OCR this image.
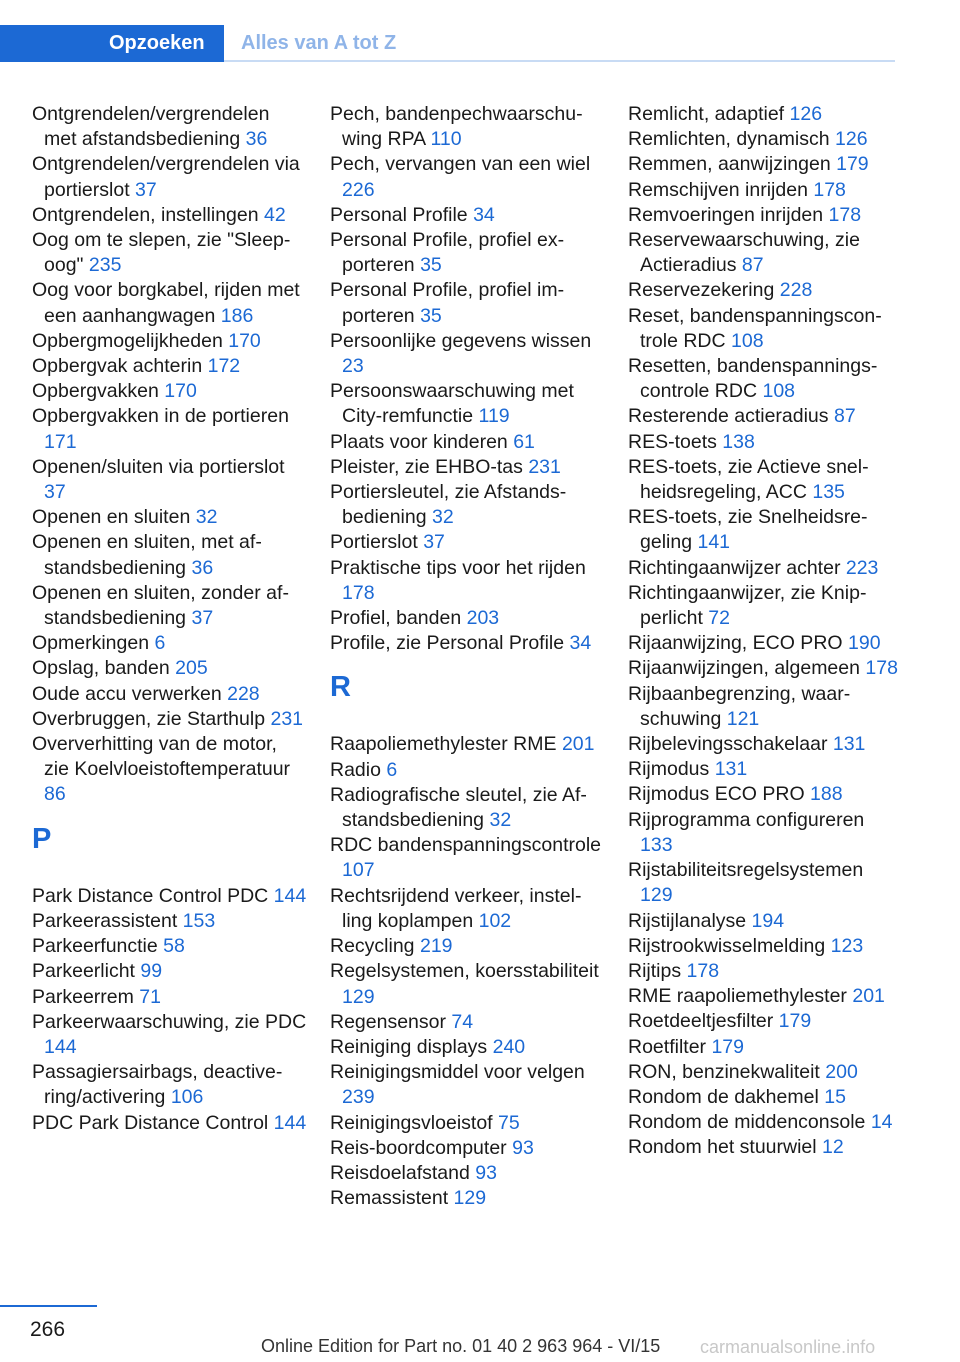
Opzoeken Alles van A tot Z
Ontgrendelen/vergrendelen met afstandsbediening 36
Ontgrendelen/vergrendelen via portierslot 37
Ontgrendelen, instellingen 42
Oog om te slepen, zie "Sleepoog" 235
Oog voor borgkabel, rijden met een aanhangwagen 186
Opbergmogelijkheden 170
Opbergvak achterin 172
Opbergvakken 170
Opbergvakken in de portieren 171
Openen/sluiten via portierslot 37
Openen en sluiten 32
Openen en sluiten, met afstandsbediening 36
Openen en sluiten, zonder afstandsbediening 37
Opmerkingen 6
Opslag, banden 205
Oude accu verwerken 228
Overbruggen, zie Starthulp 231
Oververhitting van de motor, zie Koelvloeistoftemperatuur 86
P
Park Distance Control PDC 144
Parkeerassistent 153
Parkeerfunctie 58
Parkeerlicht 99
Parkeerrem 71
Parkeerwaarschuwing, zie PDC 144
Passagiersairbags, deactivering/activering 106
PDC Park Distance Control 144
Pech, bandenpechwaarschuwing RPA 110
Pech, vervangen van een wiel 226
Personal Profile 34
Personal Profile, profiel exporteren 35
Personal Profile, profiel importeren 35
Persoonlijke gegevens wissen 23
Persoonswaarschuwing met City-remfunctie 119
Plaats voor kinderen 61
Pleister, zie EHBO-tas 231
Portiersleutel, zie Afstandsbediening 32
Portierslot 37
Praktische tips voor het rijden 178
Profiel, banden 203
Profile, zie Personal Profile 34
R
Raapoliemethylester RME 201
Radio 6
Radiografische sleutel, zie Afstandsbediening 32
RDC bandenspanningscontrole 107
Rechtsrijdend verkeer, instelling koplampen 102
Recycling 219
Regelsystemen, koersstabiliteit 129
Regensensor 74
Reiniging displays 240
Reinigingsmiddel voor velgen 239
Reinigingsvloeistof 75
Reis-boordcomputer 93
Reisdoelafstand 93
Remassistent 129
Remlicht, adaptief 126
Remlichten, dynamisch 126
Remmen, aanwijzingen 179
Remschijven inrijden 178
Remvoeringen inrijden 178
Reservewaarschuwing, zie Actieradius 87
Reservezekering 228
Reset, bandenspanningscontrole RDC 108
Resetten, bandenspanningscontrole RDC 108
Resterende actieradius 87
RES-toets 138
RES-toets, zie Actieve snelheidsregeling, ACC 135
RES-toets, zie Snelheidsregeling 141
Richtingaanwijzer achter 223
Richtingaanwijzer, zie Knipperlicht 72
Rijaanwijzing, ECO PRO 190
Rijaanwijzingen, algemeen 178
Rijbaanbegrenzing, waarschuwing 121
Rijbelevingsschakelaar 131
Rijmodus 131
Rijmodus ECO PRO 188
Rijprogramma configureren 133
Rijstabiliteitsregelsystemen 129
Rijstijlanalyse 194
Rijstrookwisselmelding 123
Rijtips 178
RME raapoliemethylester 201
Roetdeeltjesfilter 179
Roetfilter 179
RON, benzinekwaliteit 200
Rondom de dakhemel 15
Rondom de middenconsole 14
Rondom het stuurwiel 12
266
Online Edition for Part no. 01 40 2 963 964 - VI/15 carmanualsonline.info
